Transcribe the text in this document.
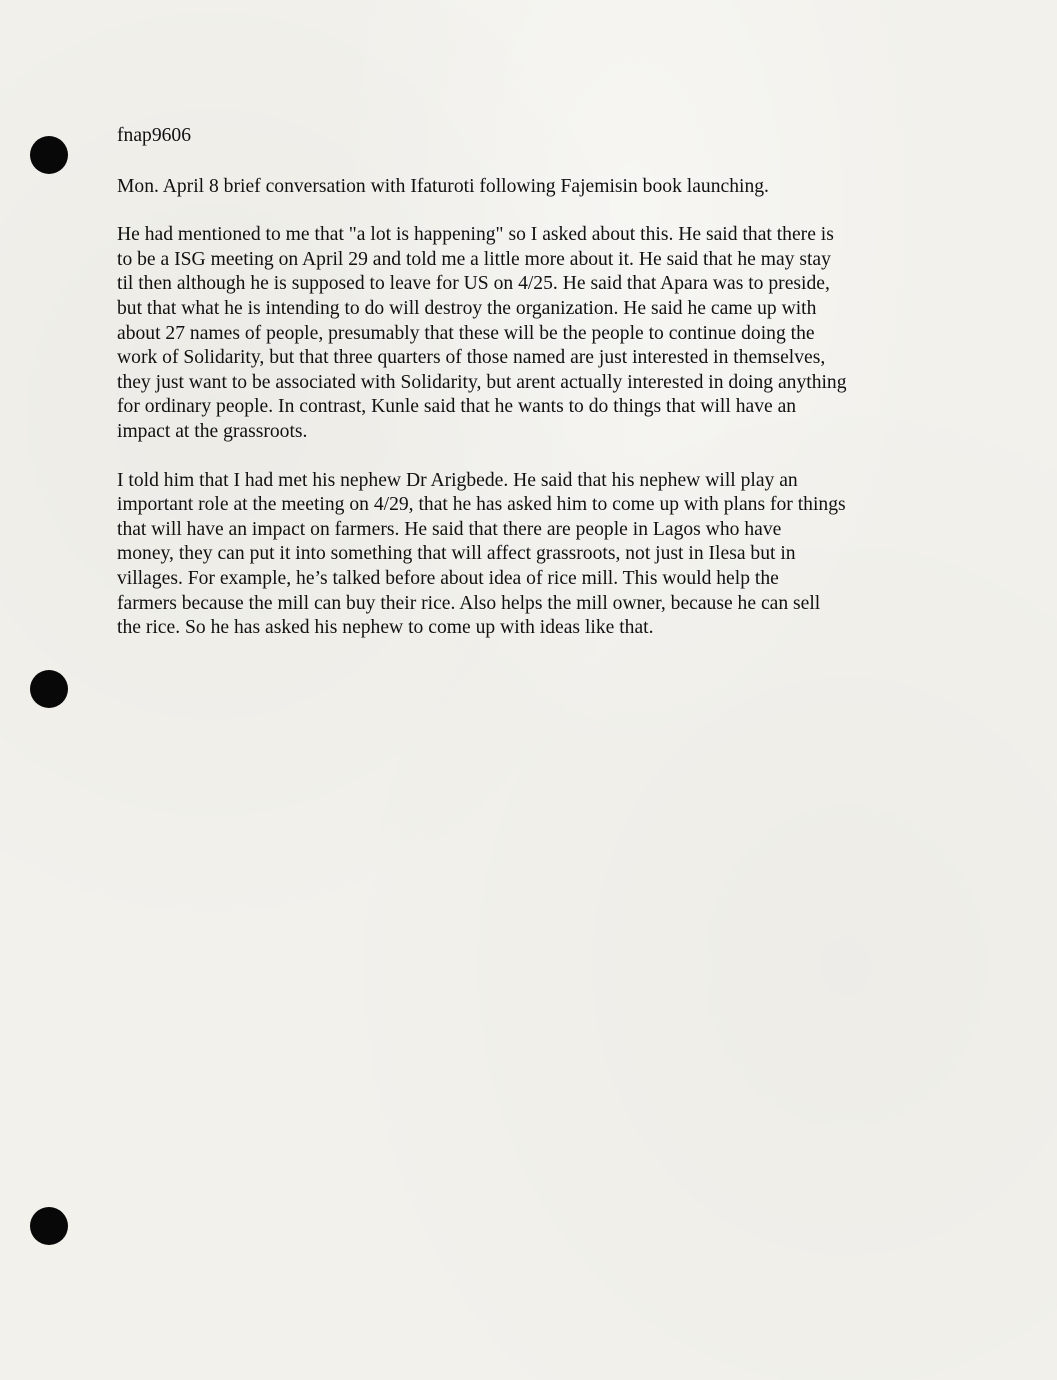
fnap9606
Mon. April 8 brief conversation with Ifaturoti following Fajemisin book launching.
He had mentioned to me that "a lot is happening" so I asked about this. He said that there is
to be a ISG meeting on April 29 and told me a little more about it. He said that he may stay
til then although he is supposed to leave for US on 4/25. He said that Apara was to preside,
but that what he is intending to do will destroy the organization. He said he came up with
about 27 names of people, presumably that these will be the people to continue doing the
work of Solidarity, but that three quarters of those named are just interested in themselves,
they just want to be associated with Solidarity, but arent actually interested in doing anything
for ordinary people. In contrast, Kunle said that he wants to do things that will have an
impact at the grassroots.
I told him that I had met his nephew Dr Arigbede. He said that his nephew will play an
important role at the meeting on 4/29, that he has asked him to come up with plans for things
that will have an impact on farmers. He said that there are people in Lagos who have
money, they can put it into something that will affect grassroots, not just in Ilesa but in
villages. For example, he’s talked before about idea of rice mill. This would help the
farmers because the mill can buy their rice. Also helps the mill owner, because he can sell
the rice. So he has asked his nephew to come up with ideas like that.
